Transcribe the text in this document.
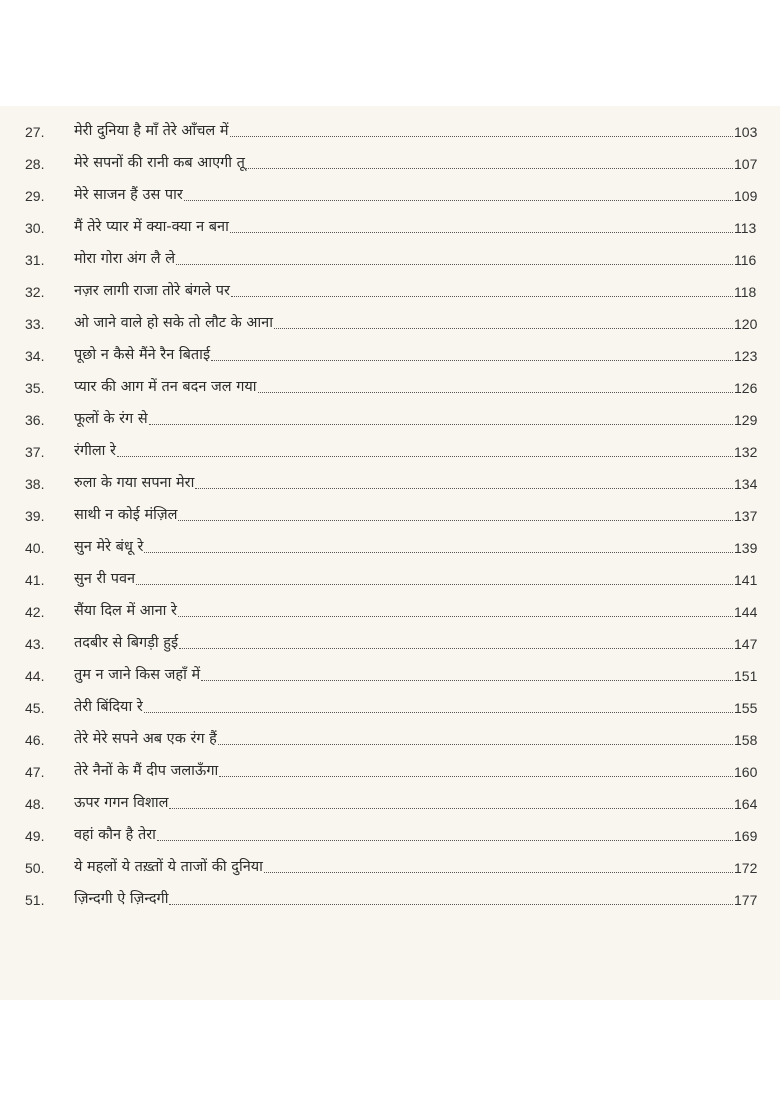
27.	मेरी दुनिया है माँ तेरे आँचल में	103
28.	मेरे सपनों की रानी कब आएगी तू	107
29.	मेरे साजन हैं उस पार	109
30.	मैं तेरे प्यार में क्या-क्या न बना	113
31.	मोरा गोरा अंग लै ले	116
32.	नज़र लागी राजा तोरे बंगले पर	118
33.	ओ जाने वाले हो सके तो लौट के आना	120
34.	पूछो न कैसे मैंने रैन बिताई	123
35.	प्यार की आग में तन बदन जल गया	126
36.	फूलों के रंग से	129
37.	रंगीला रे	132
38.	रुला के गया सपना मेरा	134
39.	साथी न कोई मंज़िल	137
40.	सुन मेरे बंधू रे	139
41.	सुन री पवन	141
42.	सैंया दिल में आना रे	144
43.	तदबीर से बिगड़ी हुई	147
44.	तुम न जाने किस जहाँ में	151
45.	तेरी बिंदिया रे	155
46.	तेरे मेरे सपने अब एक रंग हैं	158
47.	तेरे नैनों के मैं दीप जलाऊँगा	160
48.	ऊपर गगन विशाल	164
49.	वहां कौन है तेरा	169
50.	ये महलों ये तख़्तों ये ताजों की दुनिया	172
51.	ज़िन्दगी ऐ ज़िन्दगी	177
